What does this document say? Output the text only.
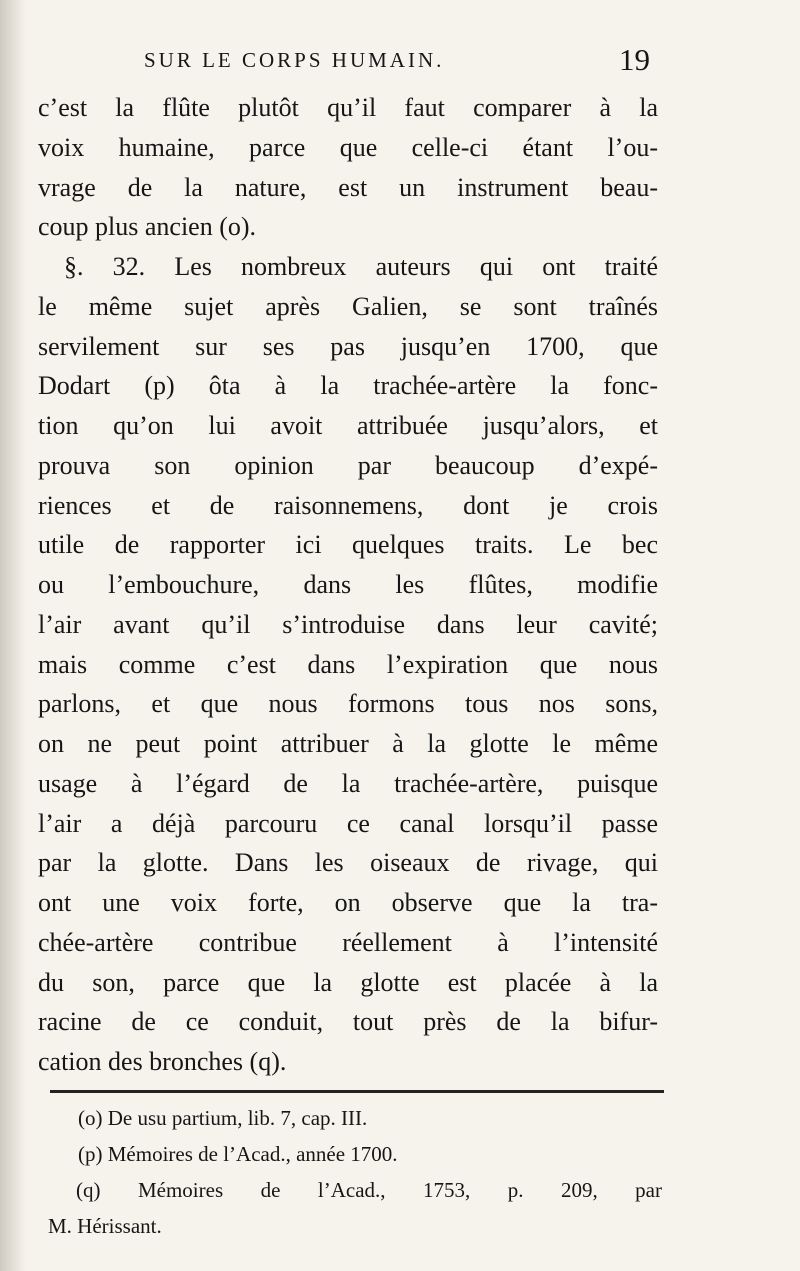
SUR LE CORPS HUMAIN.	19
c’est la flûte plutôt qu’il faut comparer à la
voix humaine, parce que celle-ci étant l’ou-
vrage de la nature, est un instrument beau-
coup plus ancien (o).
§. 32. Les nombreux auteurs qui ont traité
le même sujet après Galien, se sont traînés
servilement sur ses pas jusqu’en 1700, que
Dodart (p) ôta à la trachée-artère la fonc-
tion qu’on lui avoit attribuée jusqu’alors, et
prouva son opinion par beaucoup d’expé-
riences et de raisonnemens, dont je crois
utile de rapporter ici quelques traits. Le bec
ou l’embouchure, dans les flûtes, modifie
l’air avant qu’il s’introduise dans leur cavité;
mais comme c’est dans l’expiration que nous
parlons, et que nous formons tous nos sons,
on ne peut point attribuer à la glotte le même
usage à l’égard de la trachée-artère, puisque
l’air a déjà parcouru ce canal lorsqu’il passe
par la glotte. Dans les oiseaux de rivage, qui
ont une voix forte, on observe que la tra-
chée-artère contribue réellement à l’intensité
du son, parce que la glotte est placée à la
racine de ce conduit, tout près de la bifur-
cation des bronches (q).
(o) De usu partium, lib. 7, cap. III.
(p) Mémoires de l’Acad., année 1700.
(q) Mémoires de l’Acad., 1753, p. 209, par
M. Hérissant.
